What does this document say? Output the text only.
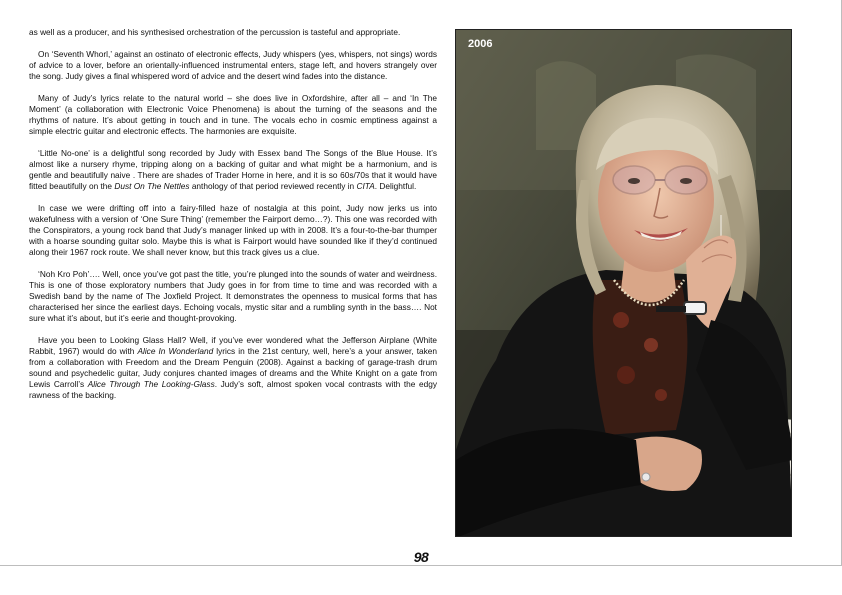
as well as a producer, and his synthesised orchestration of the percussion is tasteful and appropriate.

On ‘Seventh Whorl,’ against an ostinato of electronic effects, Judy whispers (yes, whispers, not sings) words of advice to a lover, before an orientally-influenced instrumental enters, stage left, and hovers strangely over the song. Judy gives a final whispered word of advice and the desert wind fades into the distance.

Many of Judy’s lyrics relate to the natural world – she does live in Oxfordshire, after all – and ‘In The Moment’ (a collaboration with Electronic Voice Phenomena) is about the turning of the seasons and the rhythms of nature. It’s about getting in touch and in tune. The vocals echo in cosmic emptiness against a simple electric guitar and electronic effects. The harmonies are exquisite.

‘Little No-one’ is a delightful song recorded by Judy with Essex band The Songs of the Blue House. It’s almost like a nursery rhyme, tripping along on a backing of guitar and what might be a harmonium, and is gentle and beautifully naive . There are shades of Trader Horne in here, and it is so 60s/70s that it would have fitted beautifully on the Dust On The Nettles anthology of that period reviewed recently in CITA. Delightful.

In case we were drifting off into a fairy-filled haze of nostalgia at this point, Judy now jerks us into wakefulness with a version of ‘One Sure Thing’ (remember the Fairport demo…?). This one was recorded with the Conspirators, a young rock band that Judy’s manager linked up with in 2008. It’s a four-to-the-bar thumper with a hoarse sounding guitar solo. Maybe this is what is Fairport would have sounded like if they’d continued along their 1967 rock route. We shall never know, but this track gives us a clue.

‘Noh Kro Poh’…. Well, once you’ve got past the title, you’re plunged into the sounds of water and weirdness. This is one of those exploratory numbers that Judy goes in for from time to time and was recorded with a Swedish band by the name of The Joxfield Project. It demonstrates the openness to musical forms that has characterised her since the earliest days. Echoing vocals, mystic sitar and a rumbling synth in the bass…. Not sure what it’s about, but it’s eerie and thought-provoking.

Have you been to Looking Glass Hall? Well, if you’ve ever wondered what the Jefferson Airplane (White Rabbit, 1967) would do with Alice In Wonderland lyrics in the 21st century, well, here’s a your answer, taken from a collaboration with Freedom and the Dream Penguin (2008). Against a backing of garage-trash drum sound and psychedelic guitar, Judy conjures chanted images of dreams and the White Knight on a gate from Lewis Carroll’s Alice Through The Looking-Glass. Judy’s soft, almost spoken vocal contrasts with the edgy rawness of the backing.

2006
98
